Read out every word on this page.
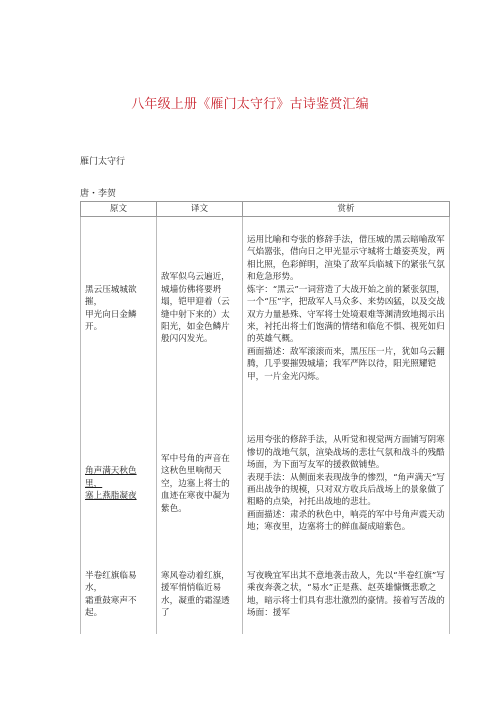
八年级上册《雁门太守行》古诗鉴赏汇编
雁门太守行
唐・李贺
原文	译文	赏析

黑云压城城欲摧，
甲光向日金鳞开。	敌军似乌云遍近，城墙仿佛将要坍塌，铠甲迎着（云缝中射下来的）太阳光，如金色鳞片般闪闪发光。	运用比喻和夸张的修辞手法，借压城的黑云暗喻敌军气焰嚣张，借向日之甲光显示守城将士雄姿英发，两相比照，色彩鲜明，渲染了敌军兵临城下的紧张气氛和危急形势。
炼字：“黑云”一词营造了大战开始之前的紧张氛围，一个“压”字，把敌军人马众多、来势凶猛，以及交战双方力量悬殊、守军将士处境艰难等渊清致地揭示出来，衬托出将士们饱满的情绪和临危不惧、视死如归的英雄气概。
画面描述：敌军滚滚而来，黑压压一片，犹如乌云翻腾，几乎要摧毁城墙；我军严阵以待，阳光照耀铠甲，一片金光闪烁。

角声满天秋色里，
塞上燕脂凝夜	军中号角的声音在这秋色里响彻天空，边塞上将士的血迹在寒夜中凝为紫色。	运用夸张的修辞手法，从听觉和视觉两方面铺写阴寒惨切的战地气氛，渲染战场的悲壮气氛和战斗的残酷场面，为下面写友军的援救做铺垫。
表现手法：从侧面来表现战争的惨烈，“角声满天”写画出战争的规模，只对双方收兵后战场上的景象做了粗略的点染，衬托出战地的悲壮。
画面描述：肃杀的秋色中，响亮的军中号角声震天动地；寒夜里，边塞将士的鲜血凝成暗紫色。

半卷红旗临易水，
霜重鼓寒声不起。	寒风卷动着红旗，援军悄悄临近易水，凝重的霜湿透了	写夜晚宜军出其不意地袭击敌人，先以“半卷红旗”写乘夜奔袭之状，“易水”正是燕、赵英雄慷慨悲歌之地，暗示将士们具有悲壮激烈的豪情。接着写苦战的场面：援军
